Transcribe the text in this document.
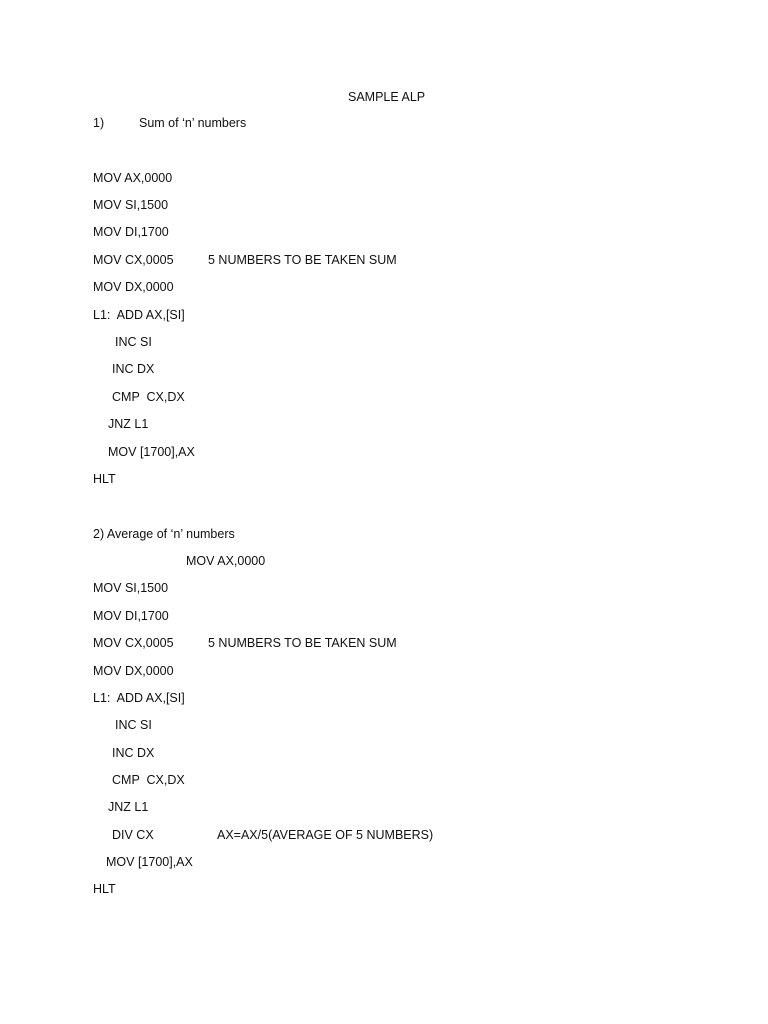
SAMPLE ALP
1)	Sum of ‘n’ numbers
MOV AX,0000
MOV SI,1500
MOV DI,1700
MOV CX,0005	5 NUMBERS TO BE TAKEN SUM
MOV DX,0000
L1:  ADD AX,[SI]
INC SI
INC DX
CMP  CX,DX
JNZ L1
MOV [1700],AX
HLT
2) Average of ‘n’ numbers
MOV AX,0000
MOV SI,1500
MOV DI,1700
MOV CX,0005	5 NUMBERS TO BE TAKEN SUM
MOV DX,0000
L1:  ADD AX,[SI]
INC SI
INC DX
CMP  CX,DX
JNZ L1
DIV CX	AX=AX/5(AVERAGE OF 5 NUMBERS)
MOV [1700],AX
HLT
